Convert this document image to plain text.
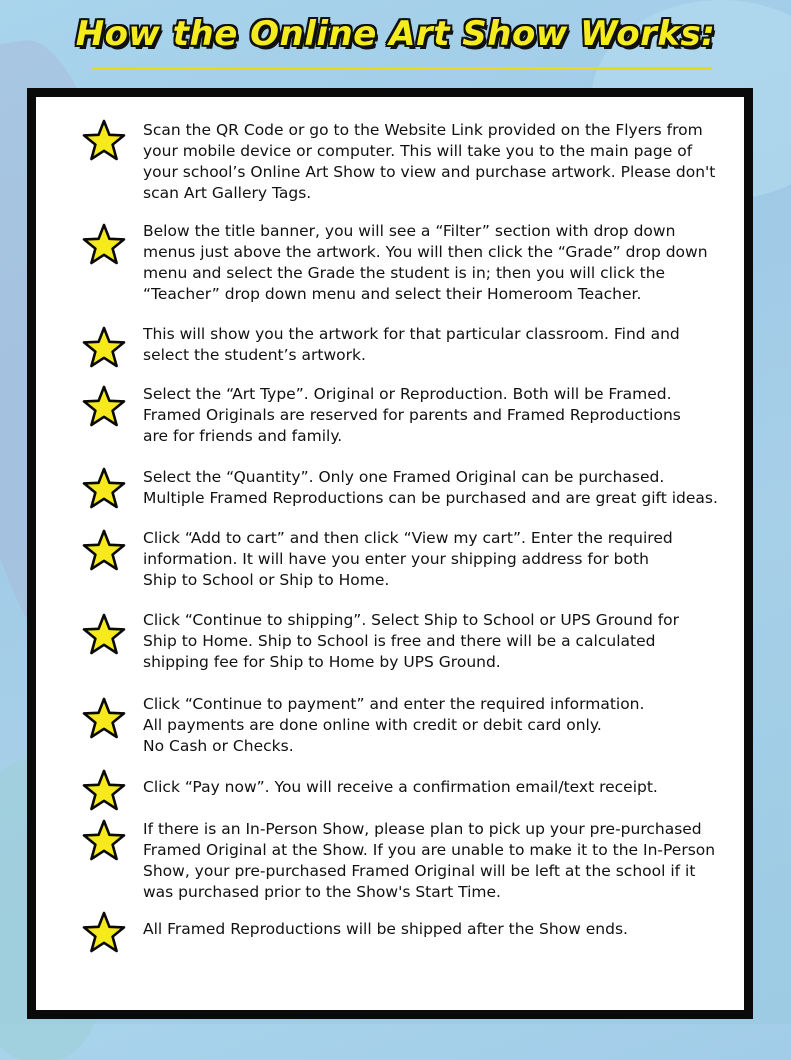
How the Online Art Show Works:
Scan the QR Code or go to the Website Link provided on the Flyers from
your mobile device or computer. This will take you to the main page of
your school’s Online Art Show to view and purchase artwork. Please don't
scan Art Gallery Tags.
Below the title banner, you will see a “Filter” section with drop down
menus just above the artwork. You will then click the “Grade” drop down
menu and select the Grade the student is in; then you will click the
“Teacher” drop down menu and select their Homeroom Teacher.
This will show you the artwork for that particular classroom. Find and
select the student’s artwork.
Select the “Art Type”. Original or Reproduction. Both will be Framed.
Framed Originals are reserved for parents and Framed Reproductions
are for friends and family.
Select the “Quantity”. Only one Framed Original can be purchased.
Multiple Framed Reproductions can be purchased and are great gift ideas.
Click “Add to cart” and then click “View my cart”. Enter the required
information. It will have you enter your shipping address for both
Ship to School or Ship to Home.
Click “Continue to shipping”. Select Ship to School or UPS Ground for
Ship to Home. Ship to School is free and there will be a calculated
shipping fee for Ship to Home by UPS Ground.
Click “Continue to payment” and enter the required information.
All payments are done online with credit or debit card only.
No Cash or Checks.
Click “Pay now”. You will receive a confirmation email/text receipt.
If there is an In-Person Show, please plan to pick up your pre-purchased
Framed Original at the Show. If you are unable to make it to the In-Person
Show, your pre-purchased Framed Original will be left at the school if it
was purchased prior to the Show's Start Time.
All Framed Reproductions will be shipped after the Show ends.
